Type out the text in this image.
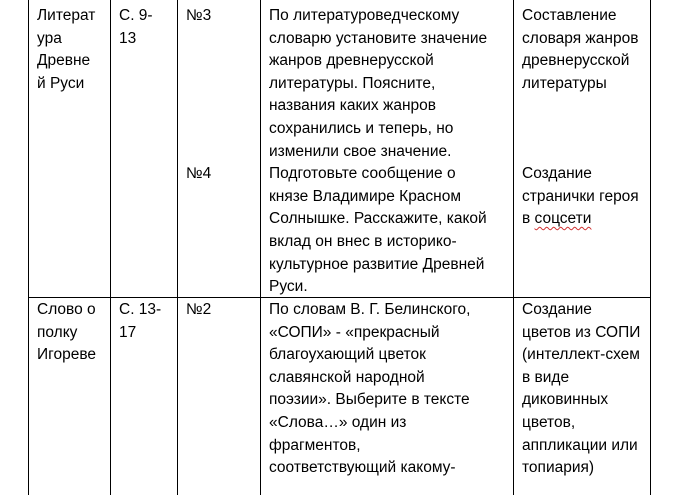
Литерат
ура
Древне
й Руси
С. 9-
13
№3
№4
По литературоведческому
словарю установите значение
жанров древнерусской
литературы. Поясните,
названия каких жанров
сохранились и теперь, но
изменили свое значение.
Подготовьте сообщение о
князе Владимире Красном
Солнышке. Расскажите, какой
вклад он внес в историко-
культурное развитие Древней
Руси.
Составление
словаря жанров
древнерусской
литературы
Создание
странички героя
в соцсети
Слово о
полку
Игореве
С. 13-
17
№2	По словам В. Г. Белинского,
«СОПИ» - «прекрасный
благоухающий цветок
славянской народной
поэзии». Выберите в тексте
«Слова…» один из
фрагментов,
соответствующий какому-
Создание
цветов из СОПИ
(интеллект-схем
в виде
диковинных
цветов,
аппликации или
топиария)
